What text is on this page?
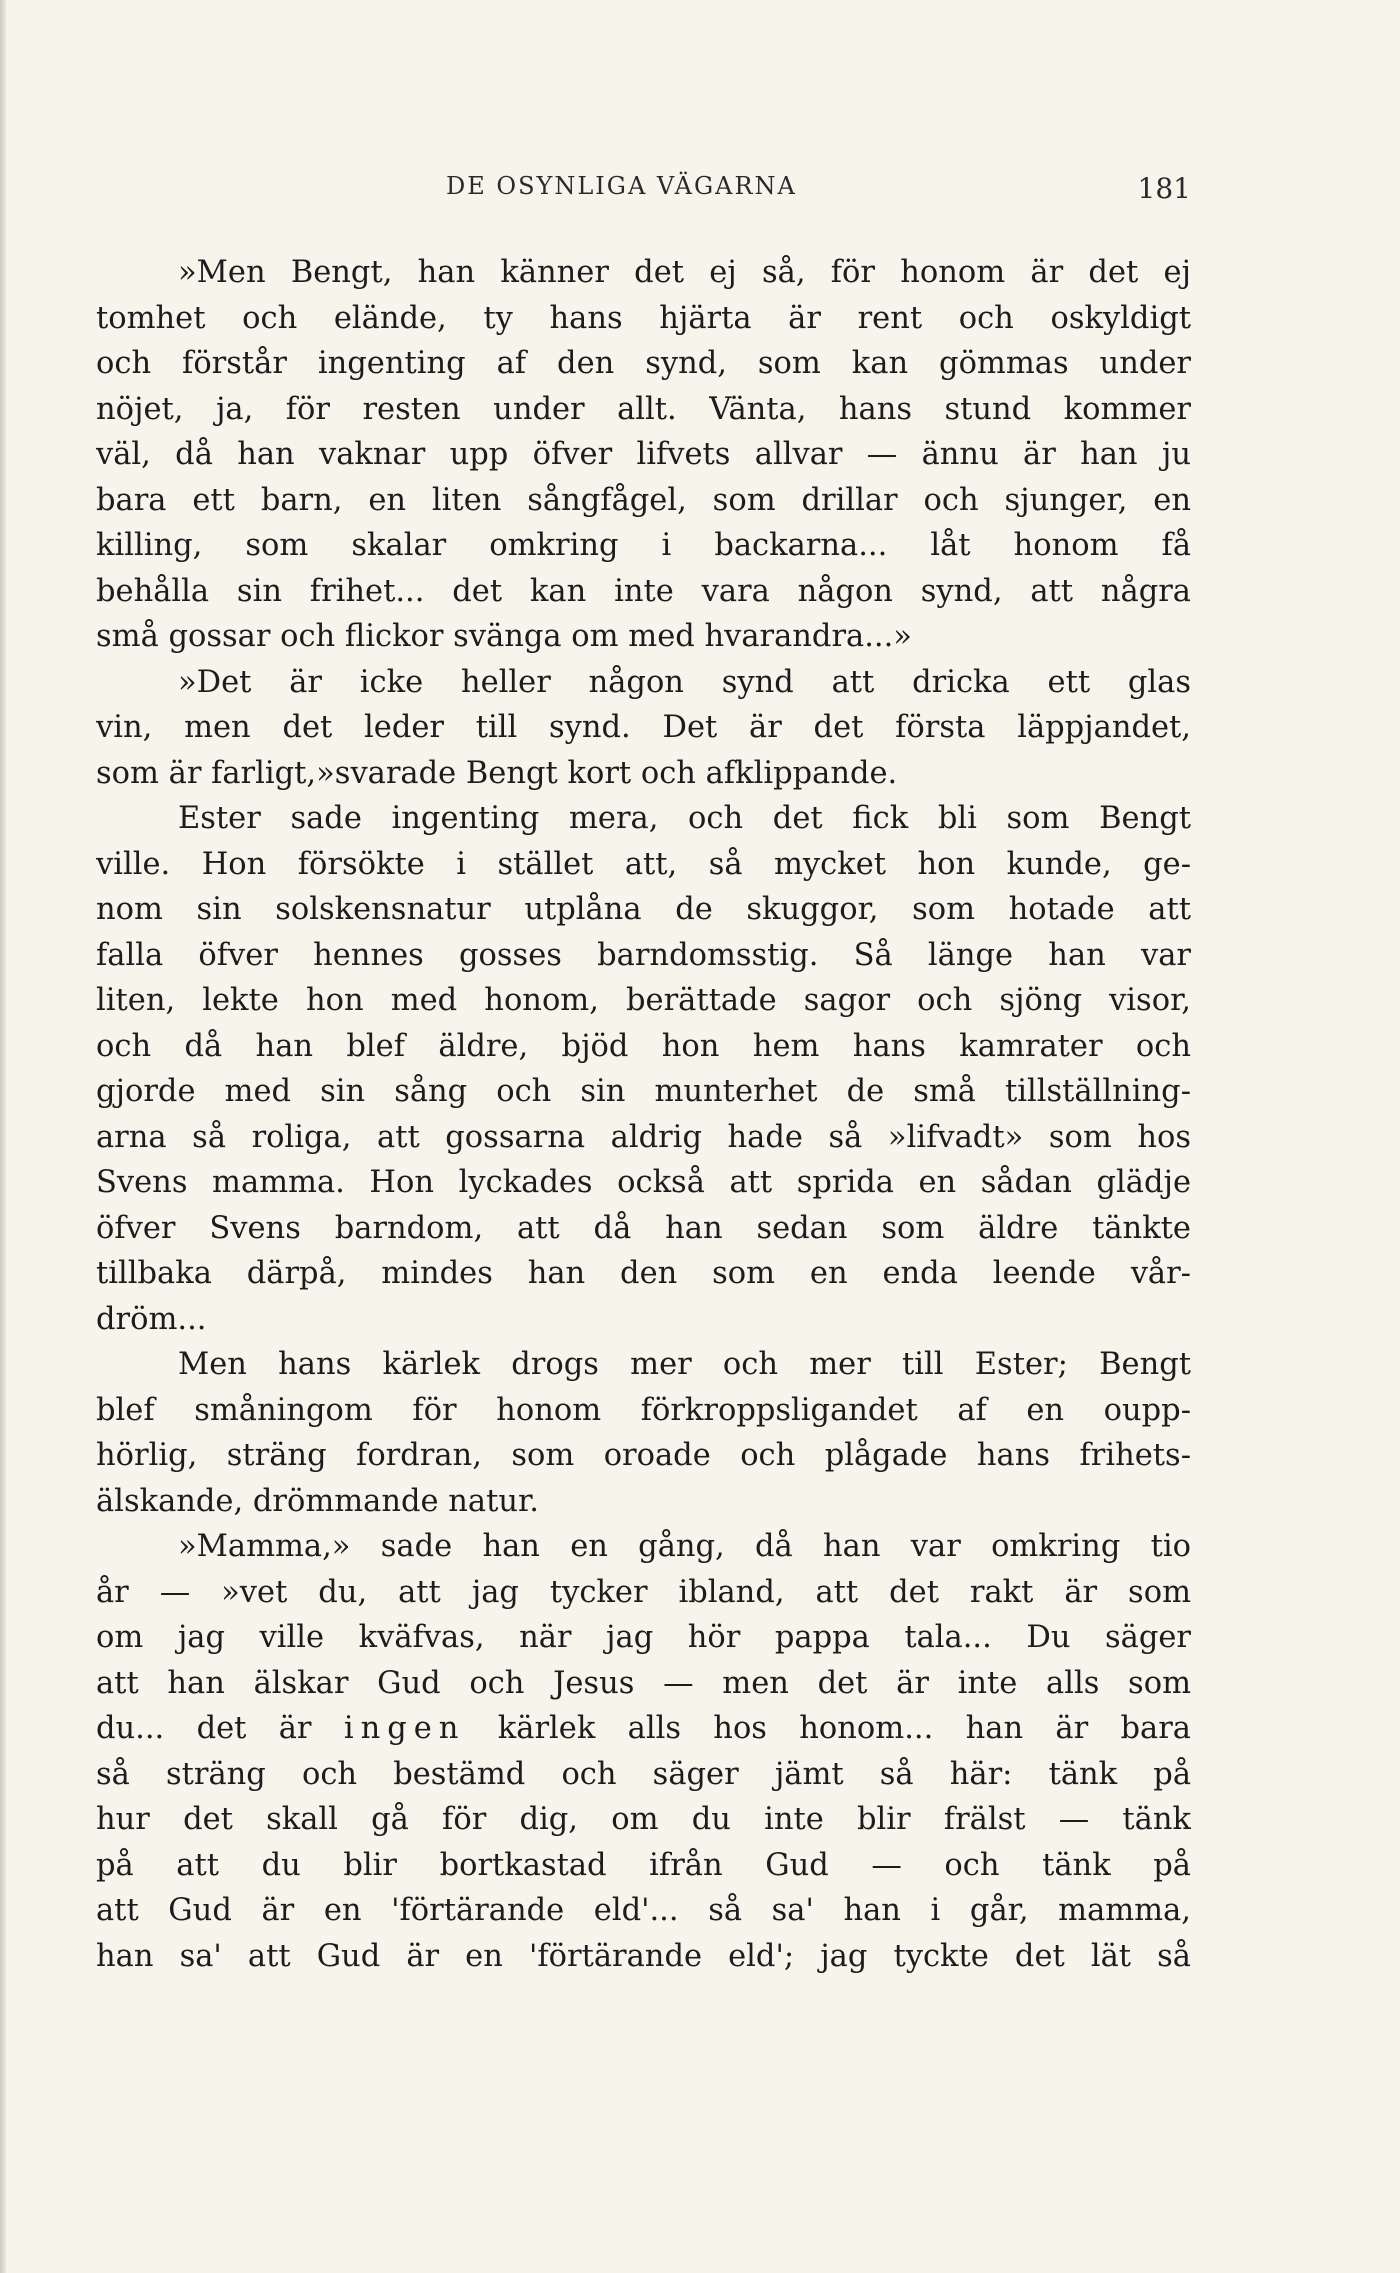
DE OSYNLIGA VÄGARNA	181
»Men Bengt, han känner det ej så, för honom är det ej
tomhet och elände, ty hans hjärta är rent och oskyldigt
och förstår ingenting af den synd, som kan gömmas under
nöjet, ja, för resten under allt. Vänta, hans stund kommer
väl, då han vaknar upp öfver lifvets allvar — ännu är han ju
bara ett barn, en liten sångfågel, som drillar och sjunger, en
killing, som skalar omkring i backarna... låt honom få
behålla sin frihet... det kan inte vara någon synd, att några
små gossar och flickor svänga om med hvarandra...»
»Det är icke heller någon synd att dricka ett glas
vin, men det leder till synd. Det är det första läppjandet,
som är farligt,»svarade Bengt kort och afklippande.
Ester sade ingenting mera, och det fick bli som Bengt
ville. Hon försökte i stället att, så mycket hon kunde, ge-
nom sin solskensnatur utplåna de skuggor, som hotade att
falla öfver hennes gosses barndomsstig. Så länge han var
liten, lekte hon med honom, berättade sagor och sjöng visor,
och då han blef äldre, bjöd hon hem hans kamrater och
gjorde med sin sång och sin munterhet de små tillställning-
arna så roliga, att gossarna aldrig hade så »lifvadt» som hos
Svens mamma. Hon lyckades också att sprida en sådan glädje
öfver Svens barndom, att då han sedan som äldre tänkte
tillbaka därpå, mindes han den som en enda leende vår-
dröm...
Men hans kärlek drogs mer och mer till Ester; Bengt
blef småningom för honom förkroppsligandet af en oupp-
hörlig, sträng fordran, som oroade och plågade hans frihets-
älskande, drömmande natur.
»Mamma,» sade han en gång, då han var omkring tio
år — »vet du, att jag tycker ibland, att det rakt är som
om jag ville kväfvas, när jag hör pappa tala... Du säger
att han älskar Gud och Jesus — men det är inte alls som
du... det är ingen kärlek alls hos honom... han är bara
så sträng och bestämd och säger jämt så här: tänk på
hur det skall gå för dig, om du inte blir frälst — tänk
på att du blir bortkastad ifrån Gud — och tänk på
att Gud är en 'förtärande eld'... så sa' han i går, mamma,
han sa' att Gud är en 'förtärande eld'; jag tyckte det lät så
